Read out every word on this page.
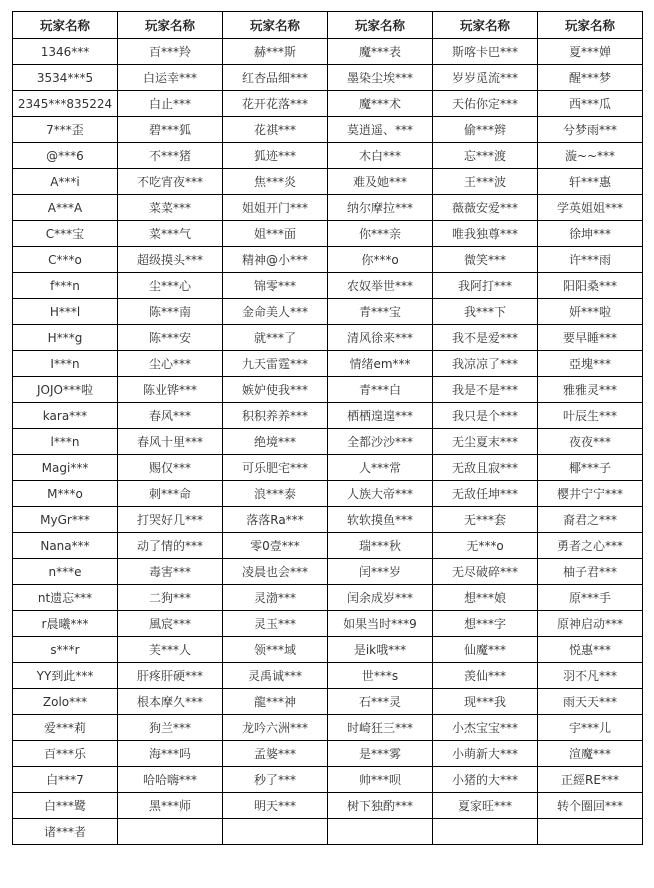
玩家名称	玩家名称	玩家名称	玩家名称	玩家名称	玩家名称
1346***	百***羚	赫***斯	魔***表	斯喀卡巴***	夏***婵
3534***5	白运幸***	红杏品细***	墨染尘埃***	岁岁觅流***	醒***梦
2345***835224	白止***	花开花落***	魔***术	天佑你定***	西***瓜
7***歪	碧***狐	花祺***	莫逍遥、***	偷***辫	兮梦雨***
@***6	不***猪	狐迹***	木白***	忘***渡	漩~~***
A***i	不吃宵夜***	焦***炎	难及她***	王***波	轩***惠
A***A	菜菜***	姐姐开门***	纳尔摩拉***	薇薇安爱***	学英姐姐***
C***宝	菜***气	姐***面	你***亲	唯我独尊***	徐坤***
C***o	超级摸头***	精神@小***	你***o	微笑***	许***雨
f***n	尘***心	锦零***	农奴举世***	我阿打***	阳阳桑***
H***l	陈***南	金命美人***	青***宝	我***下	妍***啦
H***g	陈***安	就***了	清风徐来***	我不是爱***	要早睡***
I***n	尘心***	九天雷霆***	情绪em***	我凉凉了***	亞塊***
JOJO***啦	陈业铧***	嫉妒使我***	青***白	我是不是***	雅雅灵***
kara***	春风***	积积养养***	栖栖遑遑***	我只是个***	叶辰生***
l***n	春风十里***	绝境***	全都沙沙***	无尘夏末***	夜夜***
Magi***	赐仅***	可乐肥宅***	人***常	无敌且寂***	椰***子
M***o	刺***命	浪***泰	人族大帝***	无敌任坤***	樱井宁宁***
MyGr***	打哭好几***	落落Ra***	软软摸鱼***	无***套	裔君之***
Nana***	动了情的***	零0壹***	瑞***秋	无***o	勇者之心***
n***e	毒害***	凌晨也会***	闰***岁	无尽破碎***	柚子君***
nt遗忘***	二狗***	灵渤***	闰余成岁***	想***娘	原***手
r晨曦***	風宸***	灵玉***	如果当时***9	想***字	原神启动***
s***r	芙***人	领***域	是ik哦***	仙魔***	悦惠***
YY到此***	肝疼肝硬***	灵禹诚***	世***s	羡仙***	羽不凡***
Zolo***	根本摩久***	龍***神	石***灵	现***我	雨天天***
爱***莉	狗兰***	龙吟六洲***	时崎狂三***	小杰宝宝***	宇***儿
百***乐	海***吗	孟婆***	是***雾	小萌新大***	渲魔***
白***7	哈哈嗨***	秒了***	帅***呗	小猪的大***	正經RE***
白***鹭	黑***师	明天***	树下独酌***	夏家旺***	转个圈回***
诸***者					
